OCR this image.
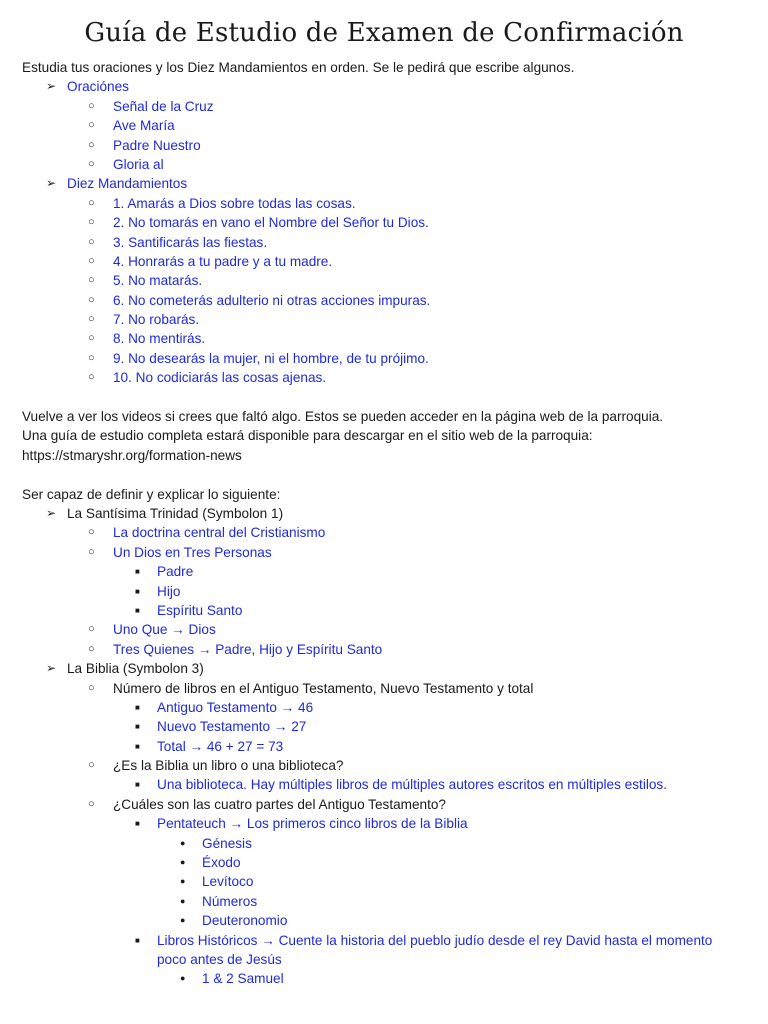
Guía de Estudio de Examen de Confirmación
Estudia tus oraciones y los Diez Mandamientos en orden. Se le pedirá que escribe algunos.
➢ Oraciónes
○ Señal de la Cruz
○ Ave María
○ Padre Nuestro
○ Gloria al
➢ Diez Mandamientos
○ 1. Amarás a Dios sobre todas las cosas.
○ 2. No tomarás en vano el Nombre del Señor tu Dios.
○ 3. Santificarás las fiestas.
○ 4. Honrarás a tu padre y a tu madre.
○ 5. No matarás.
○ 6. No cometerás adulterio ni otras acciones impuras.
○ 7. No robarás.
○ 8. No mentirás.
○ 9. No desearás la mujer, ni el hombre, de tu prójimo.
○ 10. No codiciarás las cosas ajenas.
Vuelve a ver los videos si crees que faltó algo. Estos se pueden acceder en la página web de la parroquia.
Una guía de estudio completa estará disponible para descargar en el sitio web de la parroquia:
https://stmaryshr.org/formation-news
Ser capaz de definir y explicar lo siguiente:
➢ La Santísima Trinidad (Symbolon 1)
○ La doctrina central del Cristianismo
○ Un Dios en Tres Personas
■ Padre
■ Hijo
■ Espíritu Santo
○ Uno Que → Dios
○ Tres Quienes → Padre, Hijo y Espíritu Santo
➢ La Biblia (Symbolon 3)
○ Número de libros en el Antiguo Testamento, Nuevo Testamento y total
■ Antiguo Testamento → 46
■ Nuevo Testamento → 27
■ Total → 46 + 27 = 73
○ ¿Es la Biblia un libro o una biblioteca?
■ Una biblioteca. Hay múltiples libros de múltiples autores escritos en múltiples estilos.
○ ¿Cuáles son las cuatro partes del Antiguo Testamento?
■ Pentateuch → Los primeros cinco libros de la Biblia
● Génesis
● Éxodo
● Levítoco
● Números
● Deuteronomio
■ Libros Históricos → Cuente la historia del pueblo judío desde el rey David hasta el momento poco antes de Jesús
● 1 & 2 Samuel
